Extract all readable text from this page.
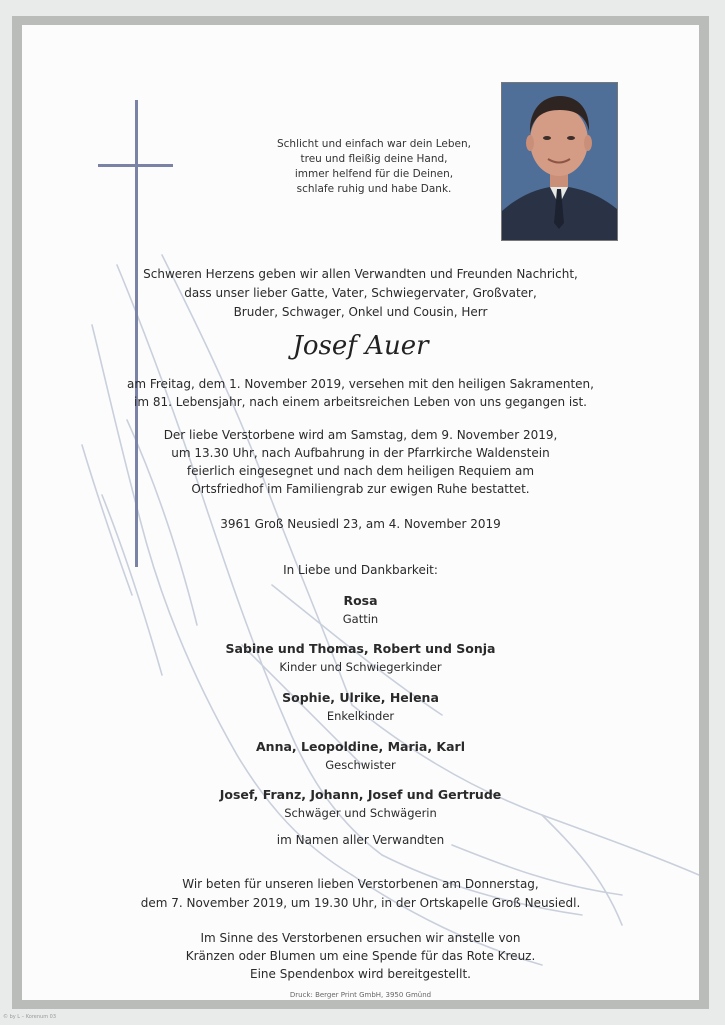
Schlicht und einfach war dein Leben,
treu und fleißig deine Hand,
immer helfend für die Deinen,
schlafe ruhig und habe Dank.
Schweren Herzens geben wir allen Verwandten und Freunden Nachricht,
dass unser lieber Gatte, Vater, Schwiegervater, Großvater,
Bruder, Schwager, Onkel und Cousin, Herr
Josef Auer
am Freitag, dem 1. November 2019, versehen mit den heiligen Sakramenten,
im 81. Lebensjahr, nach einem arbeitsreichen Leben von uns gegangen ist.
Der liebe Verstorbene wird am Samstag, dem 9. November 2019,
um 13.30 Uhr, nach Aufbahrung in der Pfarrkirche Waldenstein
feierlich eingesegnet und nach dem heiligen Requiem am
Ortsfriedhof im Familiengrab zur ewigen Ruhe bestattet.
3961 Groß Neusiedl 23, am 4. November 2019
In Liebe und Dankbarkeit:
Rosa
Gattin
Sabine und Thomas, Robert und Sonja
Kinder und Schwiegerkinder
Sophie, Ulrike, Helena
Enkelkinder
Anna, Leopoldine, Maria, Karl
Geschwister
Josef, Franz, Johann, Josef und Gertrude
Schwäger und Schwägerin
im Namen aller Verwandten
Wir beten für unseren lieben Verstorbenen am Donnerstag,
dem 7. November 2019, um 19.30 Uhr, in der Ortskapelle Groß Neusiedl.
Im Sinne des Verstorbenen ersuchen wir anstelle von
Kränzen oder Blumen um eine Spende für das Rote Kreuz.
Eine Spendenbox wird bereitgestellt.
Druck: Berger Print GmbH, 3950 Gmünd
© by L – Korenum 03
